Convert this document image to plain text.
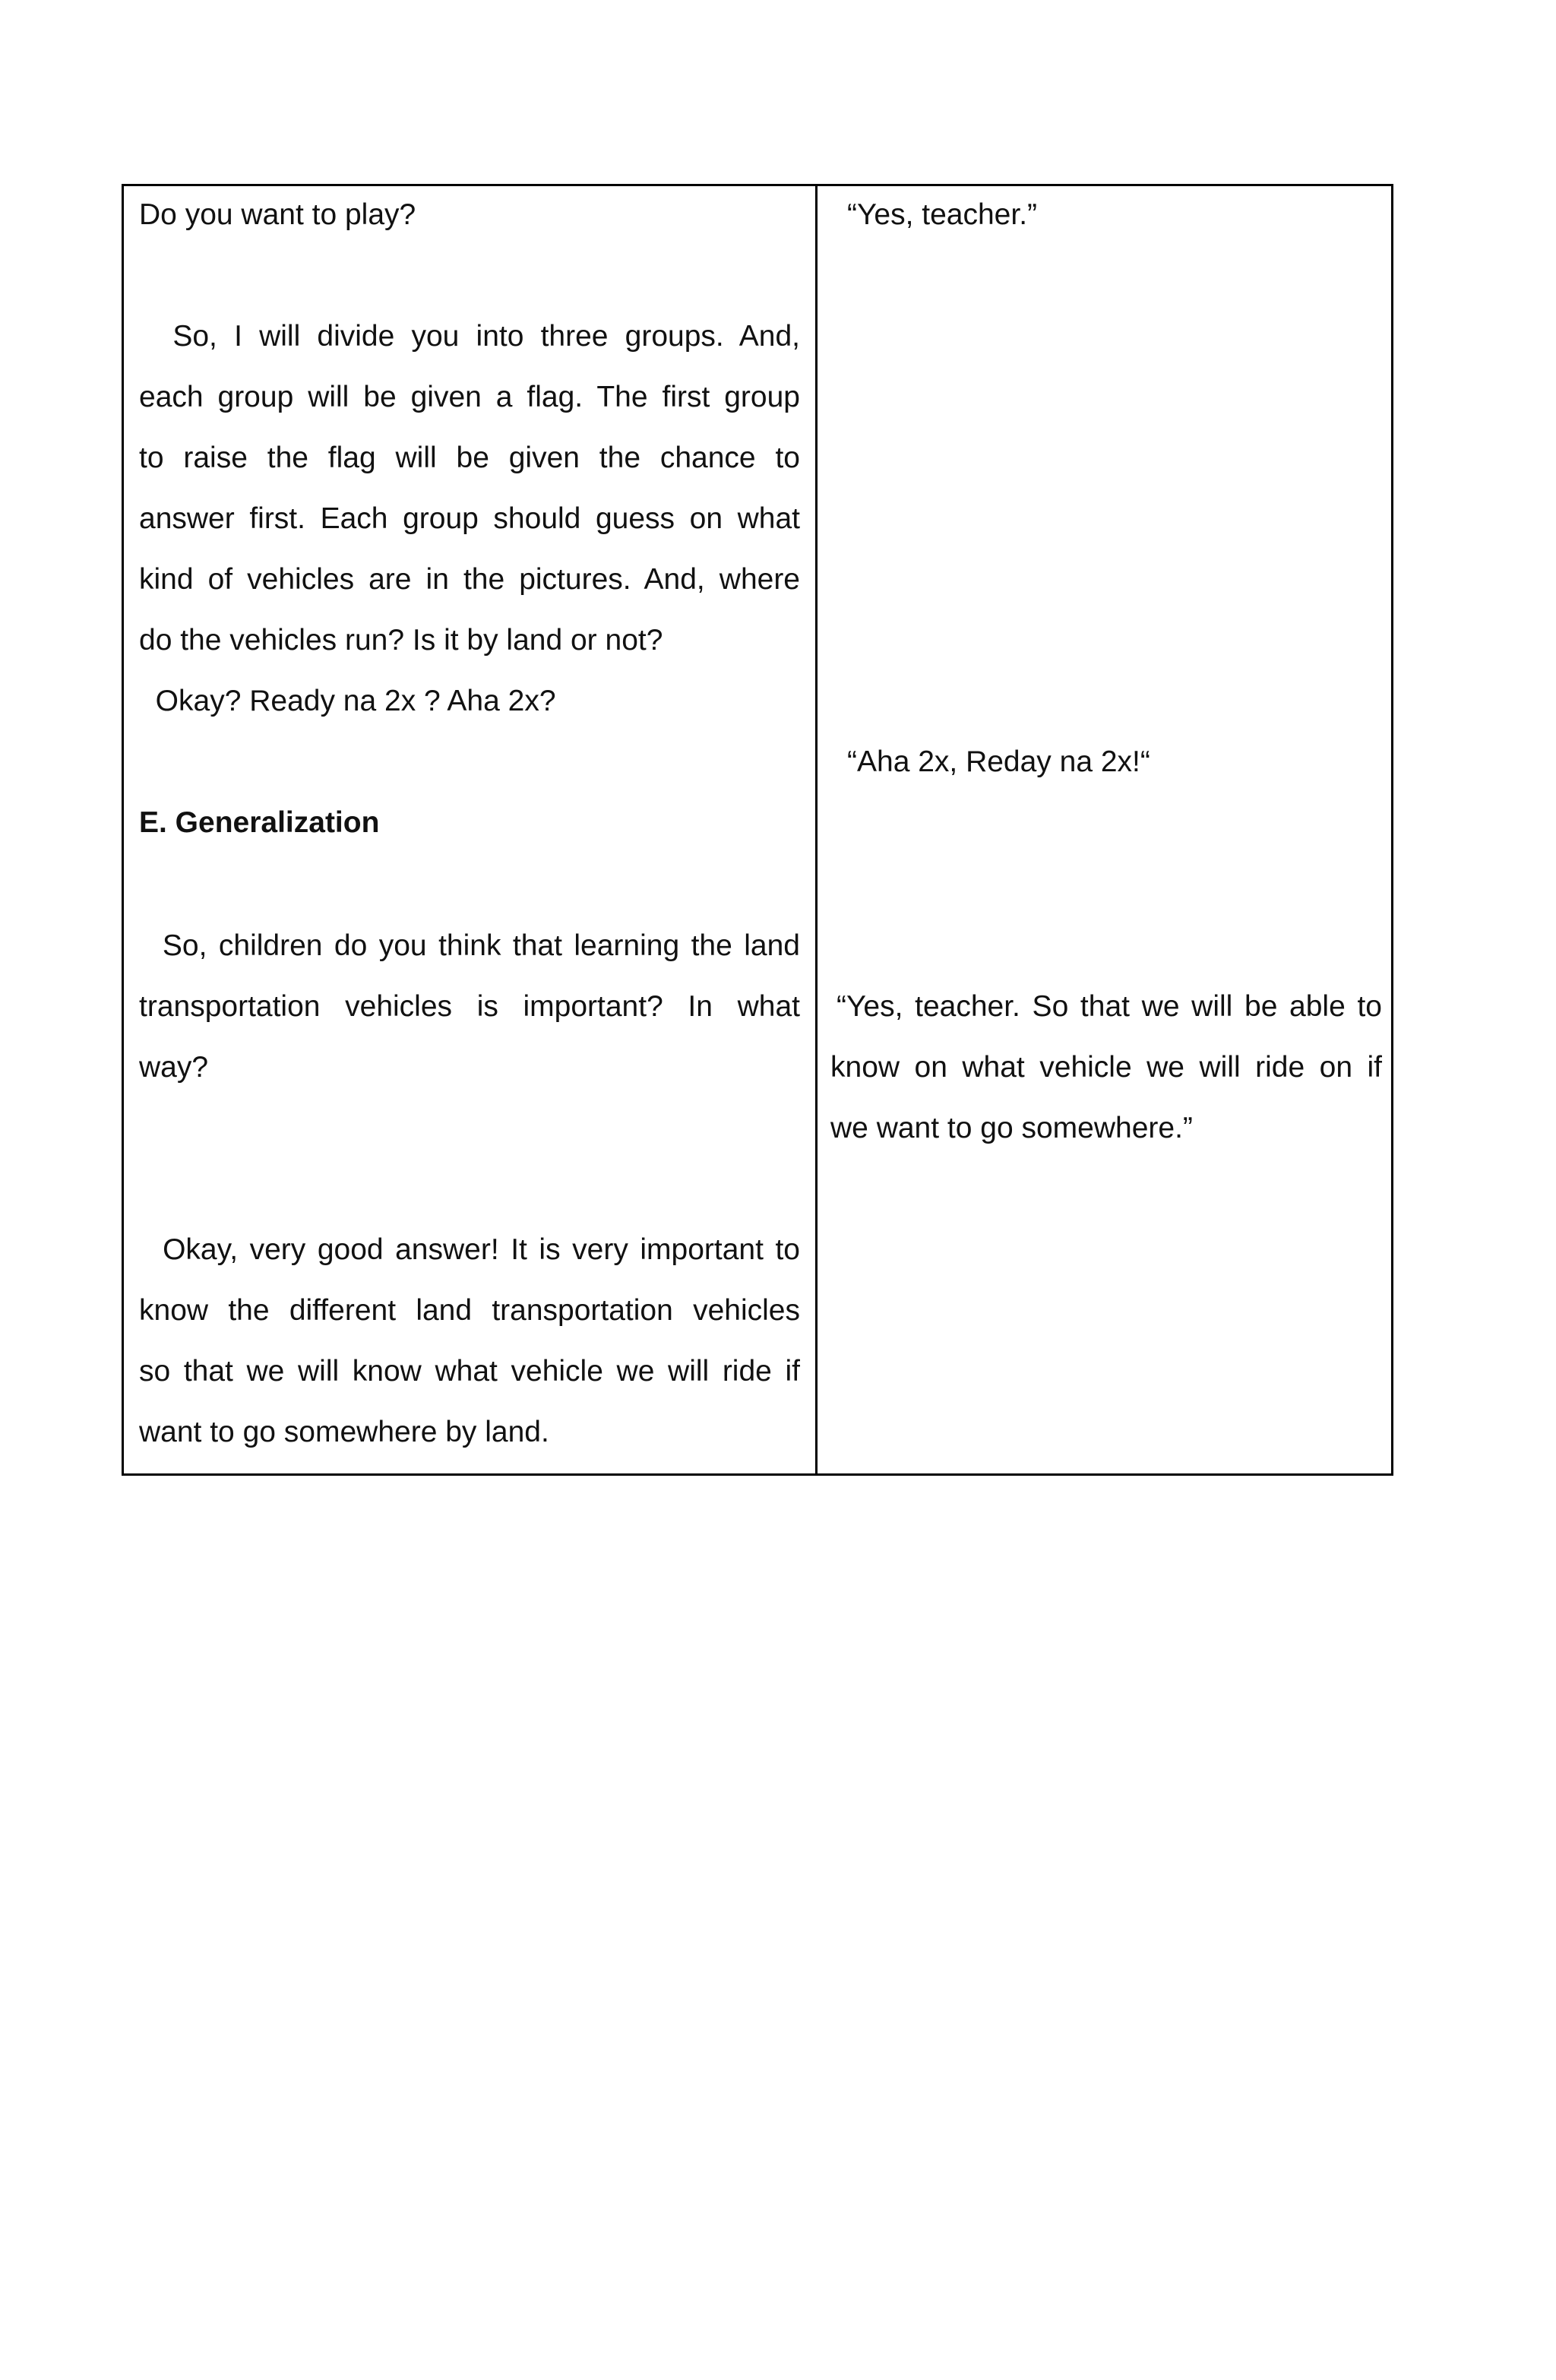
Do you want to play?
So, I will divide you into three groups. And,
each group will be given a flag. The first group
to raise the flag will be given the chance to
answer first. Each group should guess on what
kind of vehicles are in the pictures. And, where
do the vehicles run? Is it by land or not?
Okay? Ready na 2x ? Aha 2x?
E. Generalization
So, children do you think that learning the land
transportation vehicles is important? In what
way?
Okay, very good answer! It is very important to
know the different land transportation vehicles
so that we will know what vehicle we will ride if
want to go somewhere by land.
“Yes, teacher.”
“Aha 2x, Reday na 2x!“
“Yes, teacher. So that we will be able to
know on what vehicle we will ride on if
we want to go somewhere.”
